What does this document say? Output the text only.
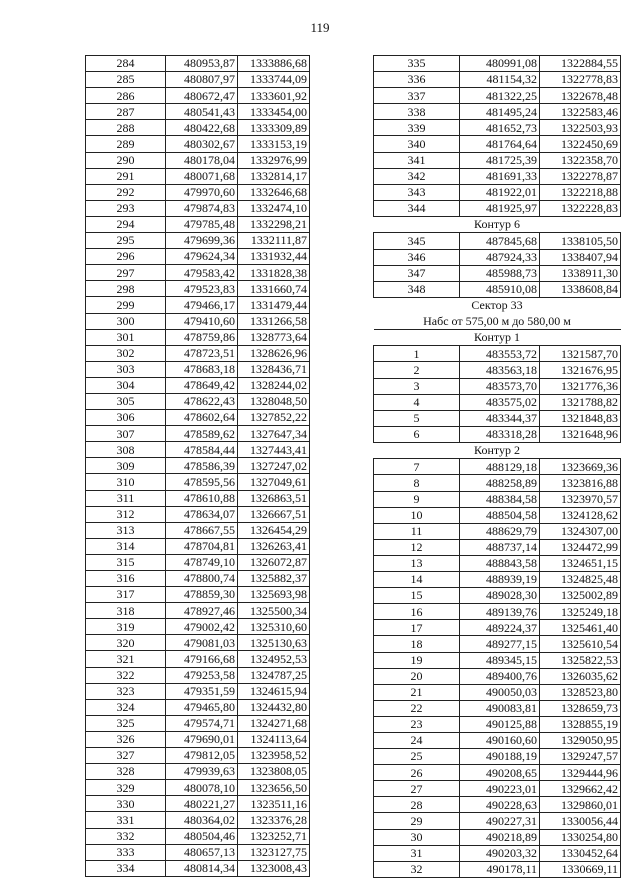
119
284	480953,87	1333886,68
285	480807,97	1333744,09
286	480672,47	1333601,92
287	480541,43	1333454,00
288	480422,68	1333309,89
289	480302,67	1333153,19
290	480178,04	1332976,99
291	480071,68	1332814,17
292	479970,60	1332646,68
293	479874,83	1332474,10
294	479785,48	1332298,21
295	479699,36	1332111,87
296	479624,34	1331932,44
297	479583,42	1331828,38
298	479523,83	1331660,74
299	479466,17	1331479,44
300	479410,60	1331266,58
301	478759,86	1328773,64
302	478723,51	1328626,96
303	478683,18	1328436,71
304	478649,42	1328244,02
305	478622,43	1328048,50
306	478602,64	1327852,22
307	478589,62	1327647,34
308	478584,44	1327443,41
309	478586,39	1327247,02
310	478595,56	1327049,61
311	478610,88	1326863,51
312	478634,07	1326667,51
313	478667,55	1326454,29
314	478704,81	1326263,41
315	478749,10	1326072,87
316	478800,74	1325882,37
317	478859,30	1325693,98
318	478927,46	1325500,34
319	479002,42	1325310,60
320	479081,03	1325130,63
321	479166,68	1324952,53
322	479253,58	1324787,25
323	479351,59	1324615,94
324	479465,80	1324432,80
325	479574,71	1324271,68
326	479690,01	1324113,64
327	479812,05	1323958,52
328	479939,63	1323808,05
329	480078,10	1323656,50
330	480221,27	1323511,16
331	480364,02	1323376,28
332	480504,46	1323252,71
333	480657,13	1323127,75
334	480814,34	1323008,43
335	480991,08	1322884,55
336	481154,32	1322778,83
337	481322,25	1322678,48
338	481495,24	1322583,46
339	481652,73	1322503,93
340	481764,64	1322450,69
341	481725,39	1322358,70
342	481691,33	1322278,87
343	481922,01	1322218,88
344	481925,97	1322228,83
Контур 6		
345	487845,68	1338105,50
346	487924,33	1338407,94
347	485988,73	1338911,30
348	485910,08	1338608,84
Сектор 33		
Набс от 575,00 м до 580,00 м		
Контур 1		
1	483553,72	1321587,70
2	483563,18	1321676,95
3	483573,70	1321776,36
4	483575,02	1321788,82
5	483344,37	1321848,83
6	483318,28	1321648,96
Контур 2		
7	488129,18	1323669,36
8	488258,89	1323816,88
9	488384,58	1323970,57
10	488504,58	1324128,62
11	488629,79	1324307,00
12	488737,14	1324472,99
13	488843,58	1324651,15
14	488939,19	1324825,48
15	489028,30	1325002,89
16	489139,76	1325249,18
17	489224,37	1325461,40
18	489277,15	1325610,54
19	489345,15	1325822,53
20	489400,76	1326035,62
21	490050,03	1328523,80
22	490083,81	1328659,73
23	490125,88	1328855,19
24	490160,60	1329050,95
25	490188,19	1329247,57
26	490208,65	1329444,96
27	490223,01	1329662,42
28	490228,63	1329860,01
29	490227,31	1330056,44
30	490218,89	1330254,80
31	490203,32	1330452,64
32	490178,11	1330669,11
